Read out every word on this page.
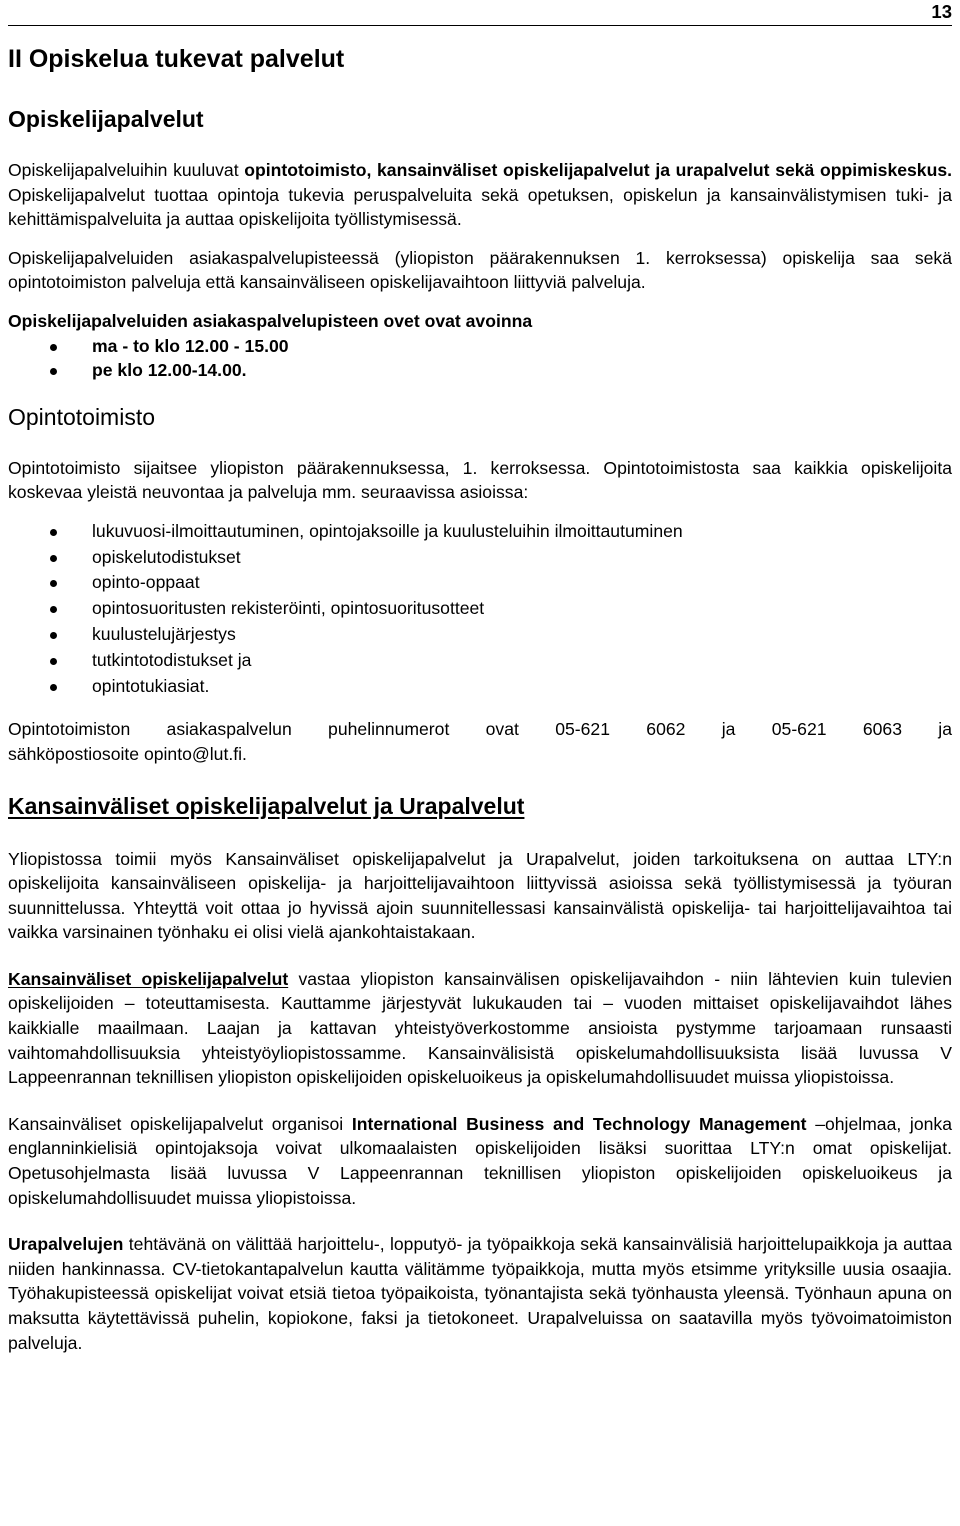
13
II Opiskelua tukevat palvelut
Opiskelijapalvelut

Opiskelijapalveluihin kuuluvat opintotoimisto, kansainväliset opiskelijapalvelut ja urapalvelut sekä oppimiskeskus. Opiskelijapalvelut tuottaa opintoja tukevia peruspalveluita sekä opetuksen, opiskelun ja kansainvälistymisen tuki- ja kehittämispalveluita ja auttaa opiskelijoita työllistymisessä.

Opiskelijapalveluiden asiakaspalvelupisteessä (yliopiston päärakennuksen 1. kerroksessa) opiskelija saa sekä opintotoimiston palveluja että kansainväliseen opiskelijavaihtoon liittyviä palveluja.

Opiskelijapalveluiden asiakaspalvelupisteen ovet ovat avoinna
ma - to klo 12.00 - 15.00
pe klo 12.00-14.00.
Opintotoimisto

Opintotoimisto sijaitsee yliopiston päärakennuksessa, 1. kerroksessa. Opintotoimistosta saa kaikkia opiskelijoita koskevaa yleistä neuvontaa ja palveluja mm. seuraavissa asioissa:

lukuvuosi-ilmoittautuminen, opintojaksoille ja kuulusteluihin ilmoittautuminen
opiskelutodistukset
opinto-oppaat
opintosuoritusten rekisteröinti, opintosuoritusotteet
kuulustelujärjestys
tutkintotodistukset ja
opintotukiasiat.

Opintotoimiston asiakaspalvelun puhelinnumerot ovat 05-621 6062 ja 05-621 6063 ja
sähköpostiosoite opinto@lut.fi.

Kansainväliset opiskelijapalvelut ja Urapalvelut

Yliopistossa toimii myös Kansainväliset opiskelijapalvelut ja Urapalvelut, joiden tarkoituksena on auttaa LTY:n opiskelijoita kansainväliseen opiskelija- ja harjoittelijavaihtoon liittyvissä asioissa sekä työllistymisessä ja työuran suunnittelussa. Yhteyttä voit ottaa jo hyvissä ajoin suunnitellessasi kansainvälistä opiskelija- tai harjoittelijavaihtoa tai vaikka varsinainen työnhaku ei olisi vielä ajankohtaistakaan.

Kansainväliset opiskelijapalvelut vastaa yliopiston kansainvälisen opiskelijavaihdon - niin lähtevien kuin tulevien opiskelijoiden – toteuttamisesta. Kauttamme järjestyvät lukukauden tai – vuoden mittaiset opiskelijavaihdot lähes kaikkialle maailmaan. Laajan ja kattavan yhteistyöverkostomme ansioista pystymme tarjoamaan runsaasti vaihtomahdollisuuksia yhteistyöyliopistossamme. Kansainvälisistä opiskelumahdollisuuksista lisää luvussa V Lappeenrannan teknillisen yliopiston opiskelijoiden opiskeluoikeus ja opiskelumahdollisuudet muissa yliopistoissa.

Kansainväliset opiskelijapalvelut organisoi International Business and Technology Management –ohjelmaa, jonka englanninkielisiä opintojaksoja voivat ulkomaalaisten opiskelijoiden lisäksi suorittaa LTY:n omat opiskelijat. Opetusohjelmasta lisää luvussa V Lappeenrannan teknillisen yliopiston opiskelijoiden opiskeluoikeus ja opiskelumahdollisuudet muissa yliopistoissa.

Urapalvelujen tehtävänä on välittää harjoittelu-, lopputyö- ja työpaikkoja sekä kansainvälisiä harjoittelupaikkoja ja auttaa niiden hankinnassa. CV-tietokantapalvelun kautta välitämme työpaikkoja, mutta myös etsimme yrityksille uusia osaajia. Työhakupisteessä opiskelijat voivat etsiä tietoa työpaikoista, työnantajista sekä työnhausta yleensä. Työnhaun apuna on maksutta käytettävissä puhelin, kopiokone, faksi ja tietokoneet. Urapalveluissa on saatavilla myös työvoimatoimiston palveluja.
